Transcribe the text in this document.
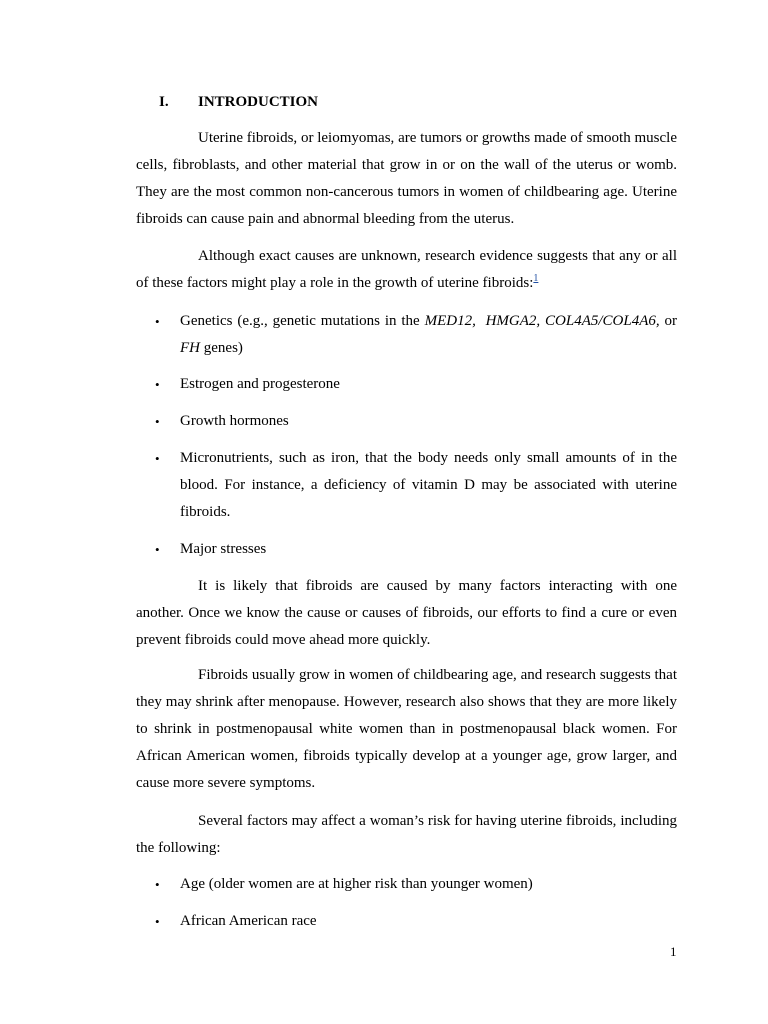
I. INTRODUCTION

Uterine fibroids, or leiomyomas, are tumors or growths made of smooth muscle cells, fibroblasts, and other material that grow in or on the wall of the uterus or womb. They are the most common non-cancerous tumors in women of childbearing age. Uterine fibroids can cause pain and abnormal bleeding from the uterus.

Although exact causes are unknown, research evidence suggests that any or all of these factors might play a role in the growth of uterine fibroids:$^1$

•	Genetics (e.g., genetic mutations in the MED12, HMGA2, COL4A5/COL4A6, or FH genes)
•	Estrogen and progesterone
•	Growth hormones
•	Micronutrients, such as iron, that the body needs only small amounts of in the blood. For instance, a deficiency of vitamin D may be associated with uterine fibroids.
•	Major stresses

It is likely that fibroids are caused by many factors interacting with one another. Once we know the cause or causes of fibroids, our efforts to find a cure or even prevent fibroids could move ahead more quickly.

Fibroids usually grow in women of childbearing age, and research suggests that they may shrink after menopause. However, research also shows that they are more likely to shrink in postmenopausal white women than in postmenopausal black women. For African American women, fibroids typically develop at a younger age, grow larger, and cause more severe symptoms.

Several factors may affect a woman’s risk for having uterine fibroids, including the following:

•	Age (older women are at higher risk than younger women)
•	African American race
1
